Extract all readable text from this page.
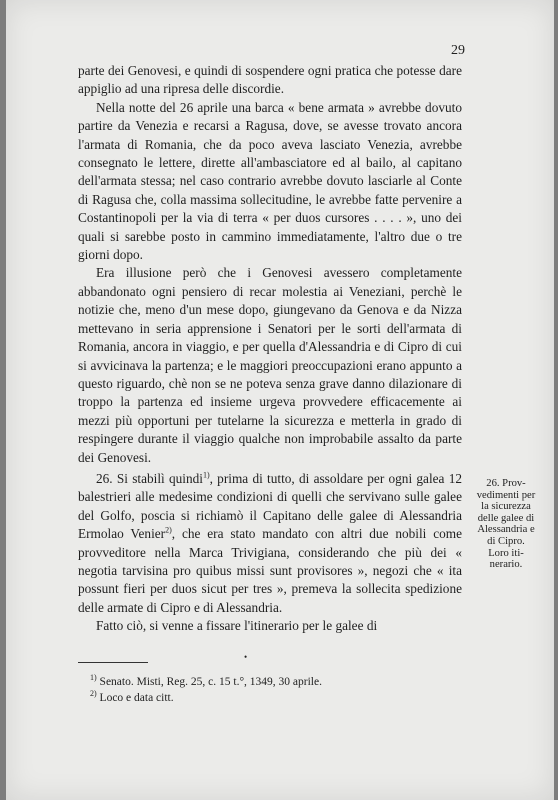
29

parte dei Genovesi, e quindi di sospendere ogni pratica che potesse dare appiglio ad una ripresa delle discordie.

Nella notte del 26 aprile una barca « bene armata » avrebbe dovuto partire da Venezia e recarsi a Ragusa, dove, se avesse trovato ancora l'armata di Romania, che da poco aveva lasciato Venezia, avrebbe consegnato le lettere, dirette all'ambasciatore ed al bailo, al capitano dell'armata stessa; nel caso contrario avrebbe dovuto lasciarle al Conte di Ragusa che, colla massima sollecitudine, le avrebbe fatte pervenire a Costantinopoli per la via di terra « per duos cursores . . . . », uno dei quali si sarebbe posto in cammino immediatamente, l'altro due o tre giorni dopo.

Era illusione però che i Genovesi avessero completamente abbandonato ogni pensiero di recar molestia ai Veneziani, perchè le notizie che, meno d'un mese dopo, giungevano da Genova e da Nizza mettevano in seria apprensione i Senatori per le sorti dell'armata di Romania, ancora in viaggio, e per quella d'Alessandria e di Cipro di cui si avvicinava la partenza; e le maggiori preoccupazioni erano appunto a questo riguardo, chè non se ne poteva senza grave danno dilazionare di troppo la partenza ed insieme urgeva provvedere efficacemente ai mezzi più opportuni per tutelarne la sicurezza e metterla in grado di respingere durante il viaggio qualche non improbabile assalto da parte dei Genovesi.

26. Si stabilì quindi$^{1)}$, prima di tutto, di assoldare per ogni galea 12 balestrieri alle medesime condizioni di quelli che servivano sulle galee del Golfo, poscia si richiamò il Capitano delle galee di Alessandria Ermolao Venier$^{2)}$, che era stato mandato con altri due nobili come provveditore nella Marca Trivigiana, considerando che più dei « negotia tarvisina pro quibus missi sunt provisores », negozi che « ita possunt fieri per duos sicut per tres », premeva la sollecita spedizione delle armate di Cipro e di Alessandria.

Fatto ciò, si venne a fissare l'itinerario per le galee di

26. Prov-
vedimenti per
la sicurezza
delle galee di
Alessandria e
di Cipro.
Loro iti-
nerario.
•

$^{1)}$ Senato. Misti, Reg. 25, c. 15 t.°, 1349, 30 aprile.

$^{2)}$ Loco e data citt.
